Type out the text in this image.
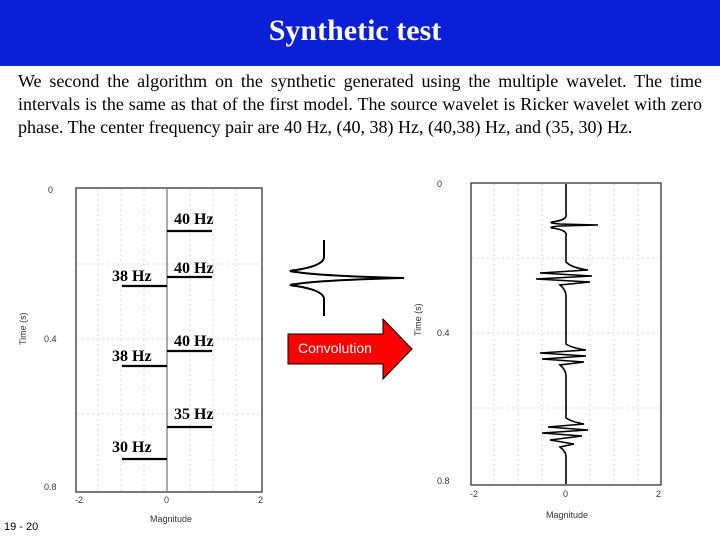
Synthetic test
We second the algorithm on the synthetic generated using the multiple wavelet. The time intervals is the same as that of the first model. The source wavelet is Ricker wavelet with zero phase. The center frequency pair are 40 Hz, (40, 38) Hz, (40,38) Hz, and (35, 30) Hz.
40 Hz
38 Hz 40 Hz
38 Hz
40 Hz
35 Hz
30 Hz
0
0.4
0.8
-2	0	2
Magnitude
Time (s)
Convolution
0
0.4
0.8
-2	0	2
Magnitude
Time (s)
19 - 20
